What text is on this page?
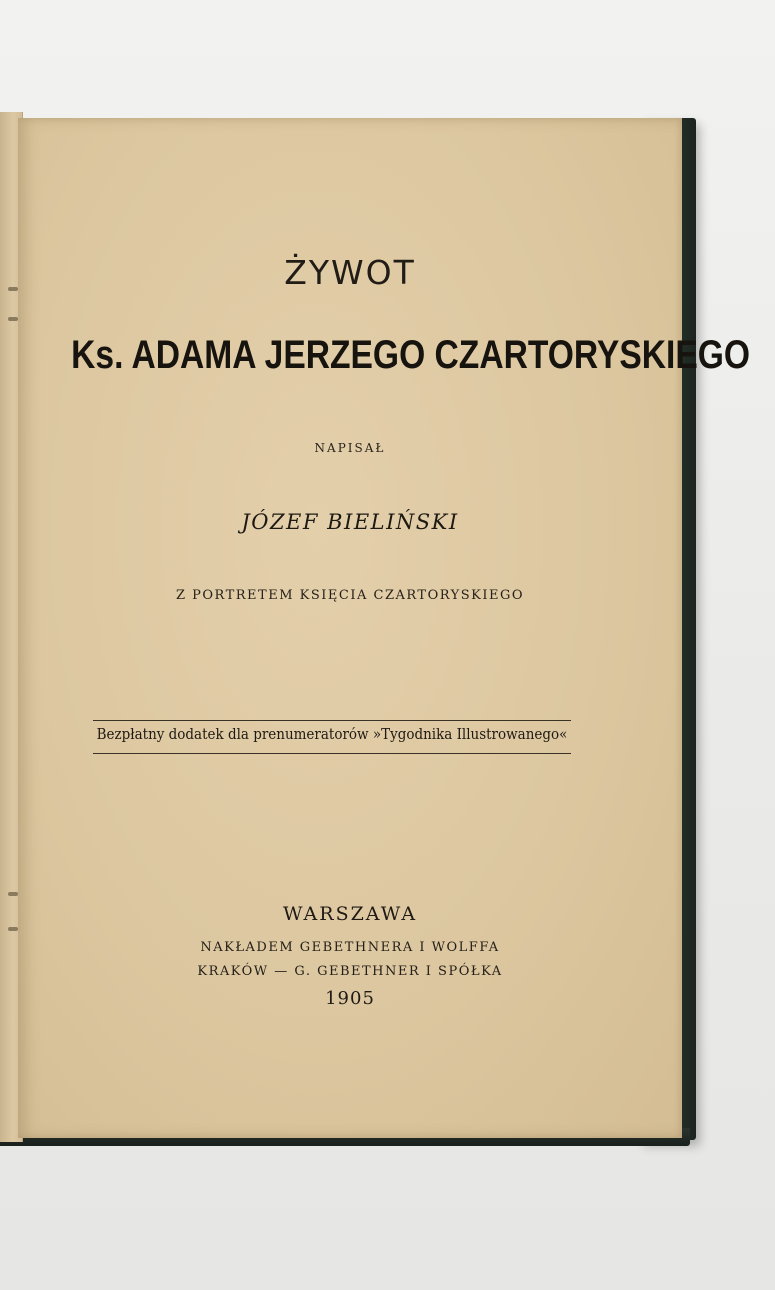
ŻYWOT
Ks. ADAMA JERZEGO CZARTORYSKIEGO
NAPISAŁ
JÓZEF BIELIŃSKI
Z PORTRETEM KSIĘCIA CZARTORYSKIEGO
Bezpłatny dodatek dla prenumeratorów »Tygodnika Illustrowanego«
WARSZAWA
NAKŁADEM GEBETHNERA I WOLFFA
KRAKÓW — G. GEBETHNER I SPÓŁKA
1905
